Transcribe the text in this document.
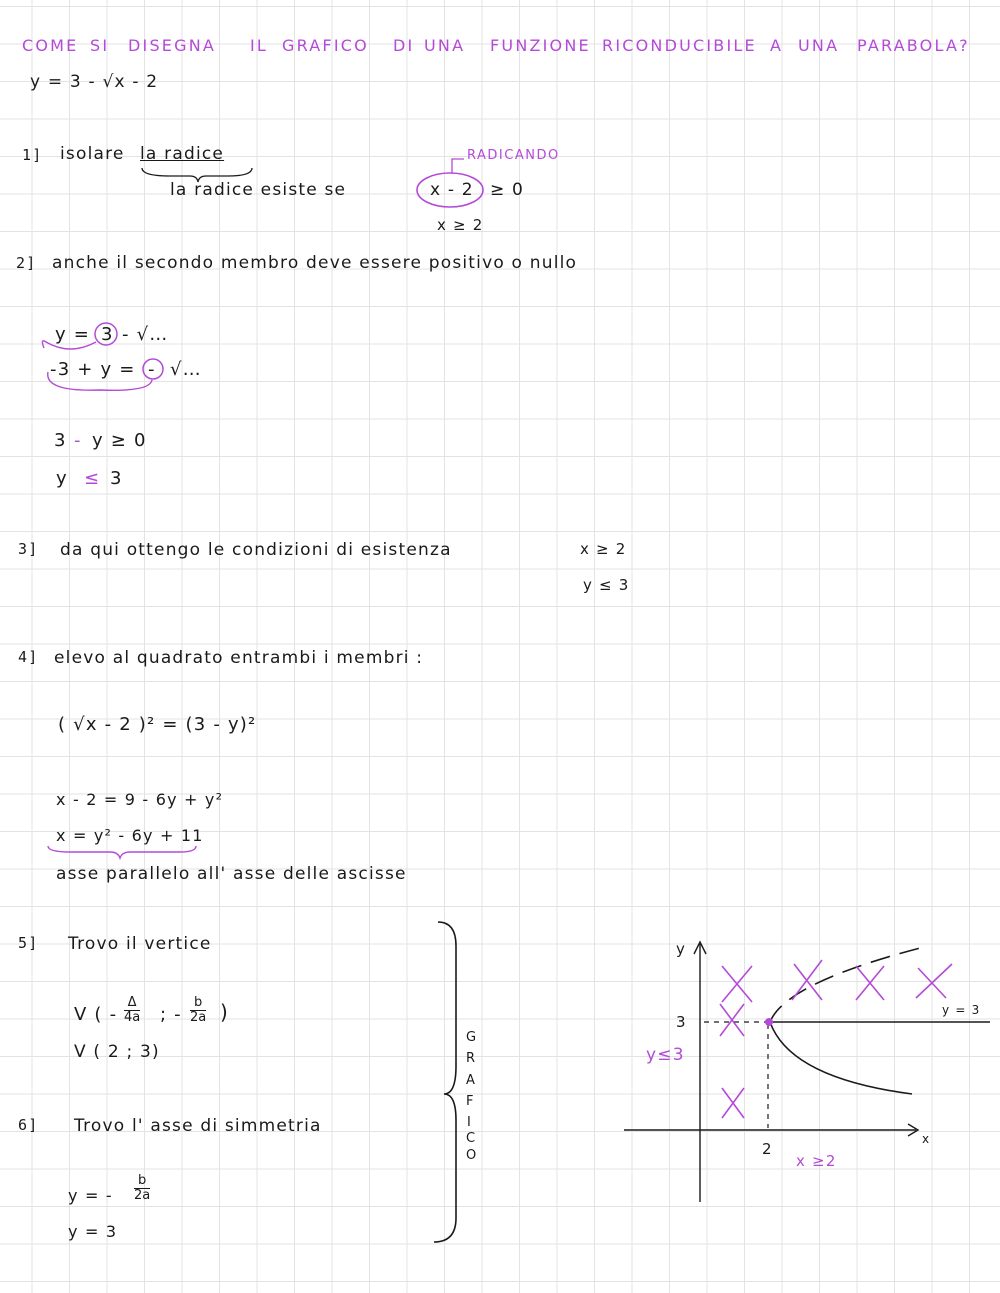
COME SI DISEGNA IL GRAFICO DI UNA FUNZIONE RICONDUCIBILE A UNA PARABOLA?
y = 3 - √x - 2
1] isolare la radice
la radice esiste se
RADICANDO
x - 2 ≥ 0
x ≥ 2
2] anche il secondo membro deve essere positivo o nullo
y = 3 - √…
-3 + y = - √…
3 - y ≥ 0
y ≤ 3
3] da qui ottengo le condizioni di esistenza	x ≥ 2
y ≤ 3
4] elevo al quadrato entrambi i membri :
( √x - 2 )² = (3 - y)²
x - 2 = 9 - 6y + y²
x = y² - 6y + 11
asse parallelo all' asse delle ascisse
5] Trovo il vertice
V ( -
Δ
4a ; -
b
2a )
V ( 2 ; 3)
6] Trovo l' asse di simmetria
y = -
b
2a
y = 3
G
R
A
F
I
C
O
y
x
3
2
y = 3
y≤3
x ≥2
